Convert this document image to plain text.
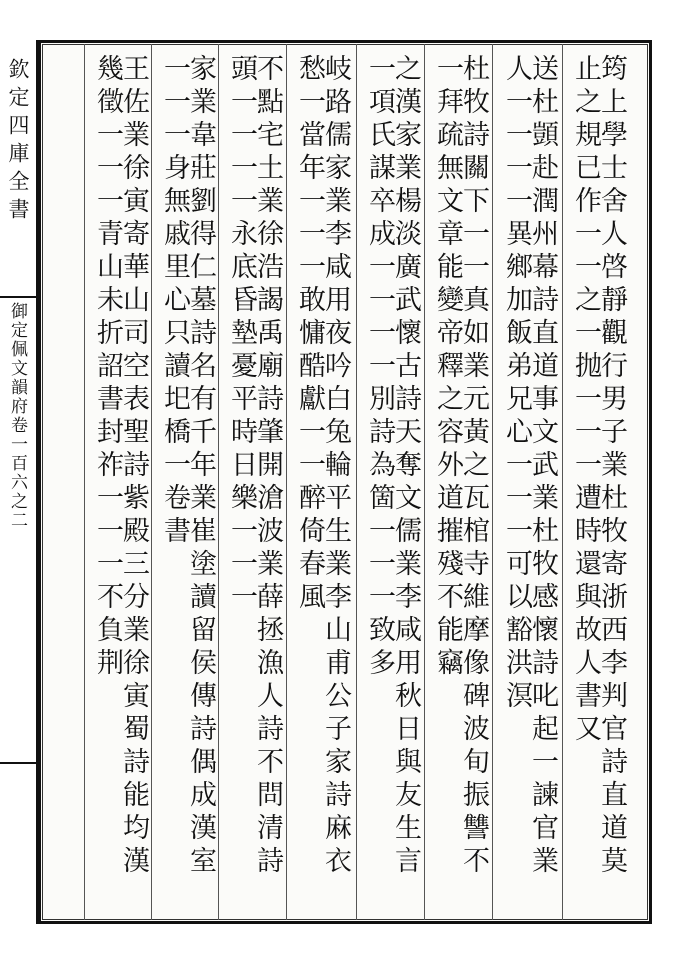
欽定四庫全書
御定佩文韻府卷一百六之二	筠上學士舍人啓靜觀行男子業杜牧寄浙西李判官詩直道莫
止之規已作一一之一抛一一一遭時還與故人書又
送杜顗赴潤州幕詩直道事文武業杜牧感懷詩叱起一諫官業
人一一一一異鄉加飯弟兄心一一一可以豁洪溟
杜牧詩關下一一真如業元黃之瓦棺寺維摩像碑波旬振讐不
一拜疏無文章能變帝釋之容外道摧殘不能竊
之漢家業楊淡廣武懷古詩天奪文儒業李咸用秋日與友生言
一項氏謀卒成一一一一別詩為箇一一一致多
岐路儒家業李咸用夜吟白兔輪平生業李山甫公子家詩麻衣
愁一當年一一一敢慵酷獻一一醉倚春風
不點宅土業徐浩謁禹廟詩肇開滄波業薛拯漁人詩不問清詩
頭一一一一永底昏墊憂平時日樂一一一
家業韋莊劉得仁墓詩名有千年業崔塗讀留侯傳詩偶成漢室
一一一身無戚里心只讀圯橋一卷書
王佐業徐寅寄華山司空表聖詩紫殿三分業徐寅蜀詩能均漢
幾徵一一一青山未折詔書封祚一一一不負荆
